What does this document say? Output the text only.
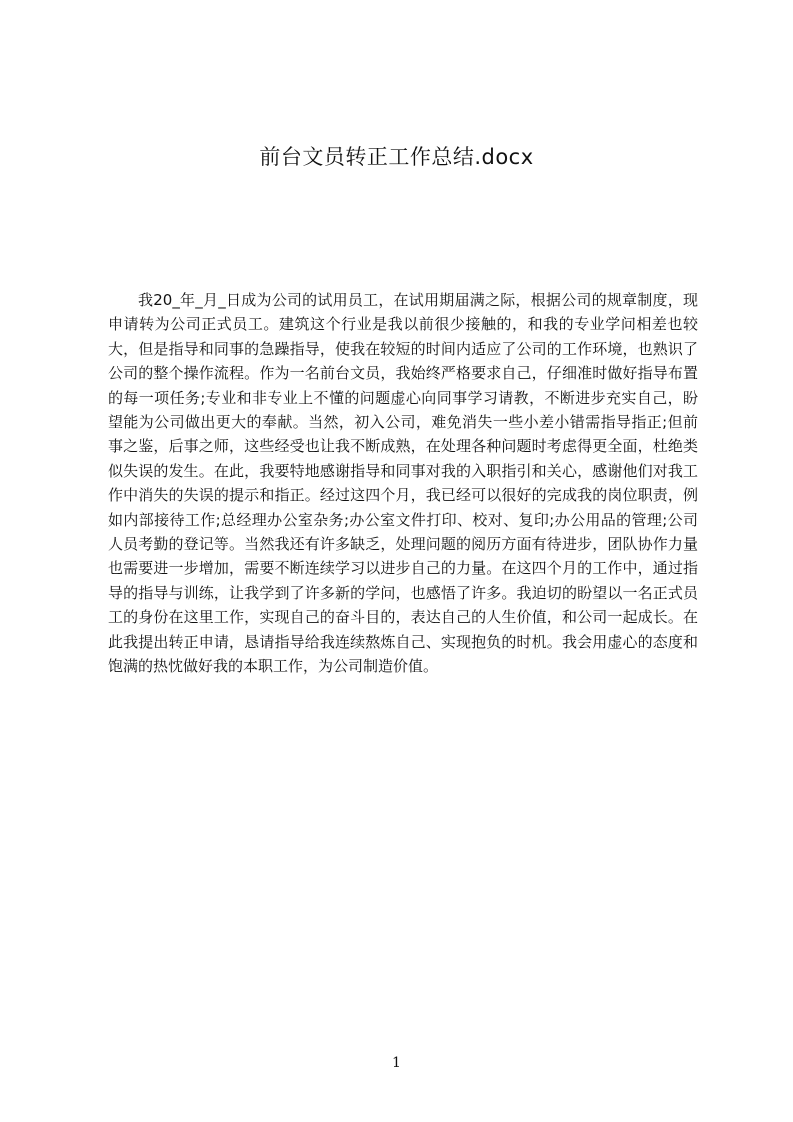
前台文员转正工作总结.docx
我20_年_月_日成为公司的试用员工，在试用期届满之际，根据公司的规章制度，现申请转为公司正式员工。建筑这个行业是我以前很少接触的，和我的专业学问相差也较大，但是指导和同事的急躁指导，使我在较短的时间内适应了公司的工作环境，也熟识了公司的整个操作流程。作为一名前台文员，我始终严格要求自己，仔细准时做好指导布置的每一项任务;专业和非专业上不懂的问题虚心向同事学习请教，不断进步充实自己，盼望能为公司做出更大的奉献。当然，初入公司，难免消失一些小差小错需指导指正;但前事之鉴，后事之师，这些经受也让我不断成熟，在处理各种问题时考虑得更全面，杜绝类似失误的发生。在此，我要特地感谢指导和同事对我的入职指引和关心，感谢他们对我工作中消失的失误的提示和指正。经过这四个月，我已经可以很好的完成我的岗位职责，例如内部接待工作;总经理办公室杂务;办公室文件打印、校对、复印;办公用品的管理;公司人员考勤的登记等。当然我还有许多缺乏，处理问题的阅历方面有待进步，团队协作力量也需要进一步增加，需要不断连续学习以进步自己的力量。在这四个月的工作中，通过指导的指导与训练，让我学到了许多新的学问，也感悟了许多。我迫切的盼望以一名正式员工的身份在这里工作，实现自己的奋斗目的，表达自己的人生价值，和公司一起成长。在此我提出转正申请，恳请指导给我连续熬炼自己、实现抱负的时机。我会用虚心的态度和饱满的热忱做好我的本职工作，为公司制造价值。
1
